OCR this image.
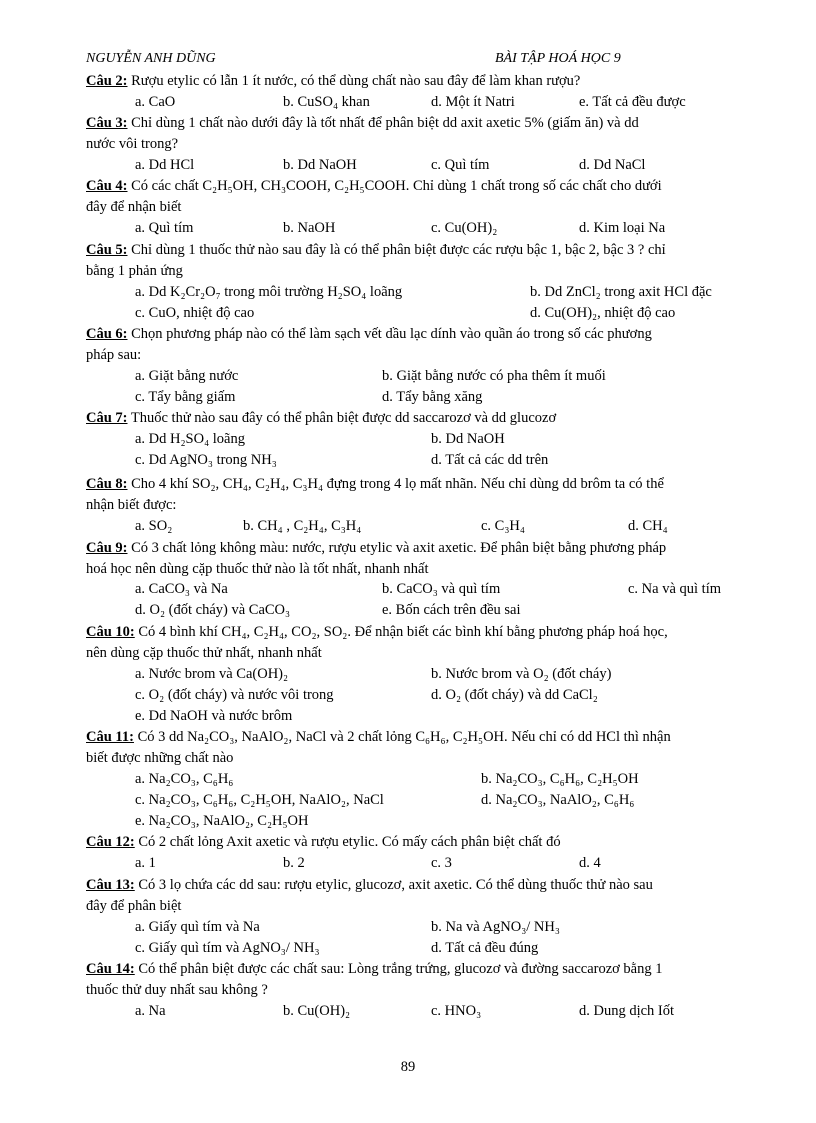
NGUYỄN ANH DŨNG	BÀI TẬP HOÁ HỌC 9
Câu 2: Rượu etylic có lẫn 1 ít nước, có thể dùng chất nào sau đây để làm khan rượu?
a. CaO	b. CuSO₄ khan	d. Một ít Natri	e. Tất cả đều được
Câu 3: Chỉ dùng 1 chất nào dưới đây là tốt nhất để phân biệt dd axit axetic 5% (giấm ăn) và dd
nước vôi trong?
a. Dd HCl	b. Dd NaOH	c. Quì tím	d. Dd NaCl
Câu 4: Có các chất C₂H₅OH, CH₃COOH, C₂H₅COOH. Chỉ dùng 1 chất trong số các chất cho dưới
đây để nhận biết
a. Quì tím	b. NaOH	c. Cu(OH)₂	d. Kim loại Na
Câu 5: Chỉ dùng 1 thuốc thử nào sau đây là có thể phân biệt được các rượu bậc 1, bậc 2, bậc 3 ? chỉ
bằng 1 phản ứng
a. Dd K₂Cr₂O₇ trong môi trường H₂SO₄ loãng	b. Dd ZnCl₂ trong axit HCl đặc
c. CuO, nhiệt độ cao	d. Cu(OH)₂, nhiệt độ cao
Câu 6: Chọn phương pháp nào có thể làm sạch vết dầu lạc dính vào quần áo trong số các phương
pháp sau:
a. Giặt bằng nước	b. Giặt bằng nước có pha thêm ít muối
c. Tẩy bằng giấm	d. Tẩy bằng xăng
Câu 7: Thuốc thử nào sau đây có thể phân biệt được dd saccarozơ và dd glucozơ
a. Dd H₂SO₄ loãng	b. Dd NaOH
c. Dd AgNO₃ trong NH₃	d. Tất cả các dd trên
Câu 8: Cho 4 khí SO₂, CH₄, C₂H₄, C₃H₄ đựng trong 4 lọ mất nhãn. Nếu chỉ dùng dd brôm ta có thể
nhận biết được:
a. SO₂	b. CH₄ , C₂H₄, C₃H₄	c. C₃H₄	d. CH₄
Câu 9: Có 3 chất lỏng không màu: nước, rượu etylic và axit axetic. Để phân biệt bằng phương pháp
hoá học nên dùng cặp thuốc thử nào là tốt nhất, nhanh nhất
a. CaCO₃ và Na	b. CaCO₃ và quì tím	c. Na và quì tím
d. O₂ (đốt cháy) và CaCO₃	e. Bốn cách trên đều sai
Câu 10: Có 4 bình khí CH₄, C₂H₄, CO₂, SO₂. Để nhận biết các bình khí bằng phương pháp hoá học,
nên dùng cặp thuốc thử nhất, nhanh nhất
a. Nước brom và Ca(OH)₂	b. Nước brom và O₂ (đốt cháy)
c. O₂ (đốt cháy) và nước vôi trong	d. O₂ (đốt cháy) và dd CaCl₂
e. Dd NaOH và nước brôm
Câu 11: Có 3 dd Na₂CO₃, NaAlO₂, NaCl và 2 chất lỏng C₆H₆, C₂H₅OH. Nếu chỉ có dd HCl thì nhận
biết được những chất nào
a. Na₂CO₃, C₆H₆	b. Na₂CO₃, C₆H₆, C₂H₅OH
c. Na₂CO₃, C₆H₆, C₂H₅OH, NaAlO₂, NaCl	d. Na₂CO₃, NaAlO₂, C₆H₆
e. Na₂CO₃, NaAlO₂, C₂H₅OH
Câu 12: Có 2 chất lỏng Axit axetic và rượu etylic. Có mấy cách phân biệt chất đó
a. 1	b. 2	c. 3	d. 4
Câu 13: Có 3 lọ chứa các dd sau: rượu etylic, glucozơ, axit axetic. Có thể dùng thuốc thử nào sau
đây để phân biệt
a. Giấy quì tím và Na	b. Na và AgNO₃/ NH₃
c. Giấy quì tím và AgNO₃/ NH₃	d. Tất cả đều đúng
Câu 14: Có thể phân biệt được các chất sau: Lòng trắng trứng, glucozơ và đường saccarozơ bằng 1
thuốc thử duy nhất sau không ?
a. Na	b. Cu(OH)₂	c. HNO₃	d. Dung dịch Iốt
89
